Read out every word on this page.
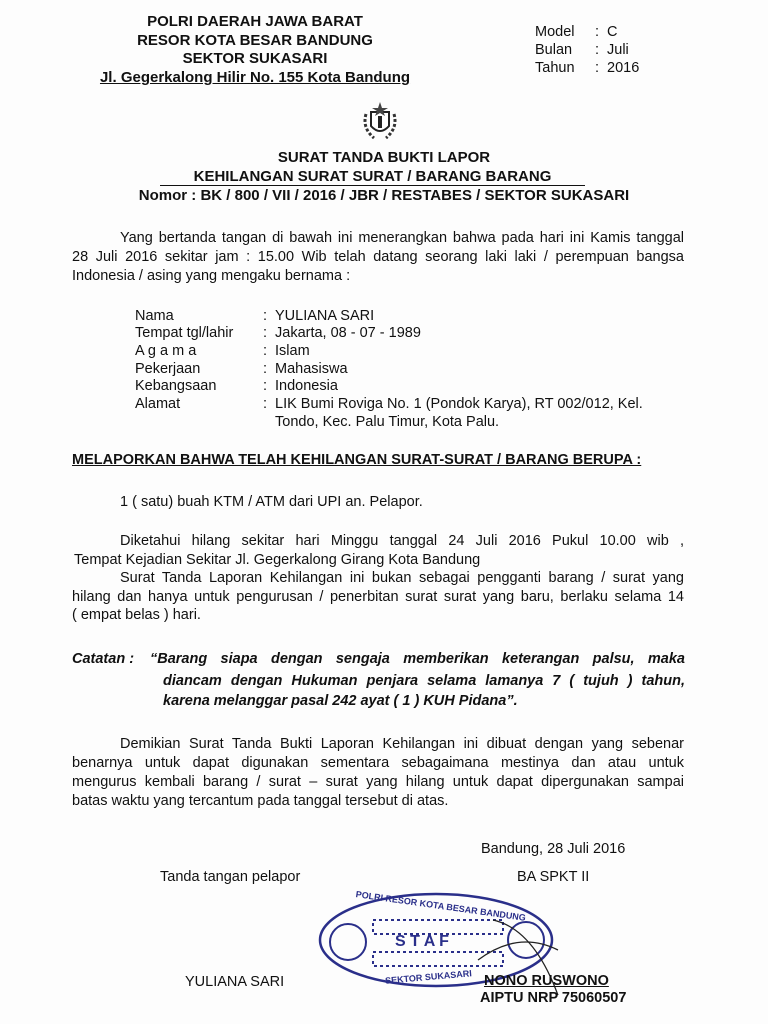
POLRI DAERAH JAWA BARAT
RESOR KOTA BESAR BANDUNG
SEKTOR SUKASARI
Jl. Gegerkalong Hilir No. 155 Kota Bandung
Model : C
Bulan : Juli
Tahun : 2016
SURAT TANDA BUKTI LAPOR
KEHILANGAN SURAT SURAT / BARANG BARANG
Nomor : BK / 800 / VII / 2016 / JBR / RESTABES / SEKTOR SUKASARI
Yang bertanda tangan di bawah ini menerangkan bahwa pada hari ini Kamis tanggal
28 Juli 2016 sekitar jam : 15.00 Wib telah datang seorang laki laki / perempuan bangsa
Indonesia / asing yang mengaku bernama :
Nama	: YULIANA SARI
Tempat tgl/lahir : Jakarta, 08 - 07 - 1989
A g a m a	: Islam
Pekerjaan	: Mahasiswa
Kebangsaan	: Indonesia
Alamat	: LIK Bumi Roviga No. 1 (Pondok Karya), RT 002/012, Kel.
Tondo, Kec. Palu Timur, Kota Palu.
MELAPORKAN BAHWA TELAH KEHILANGAN SURAT-SURAT / BARANG BERUPA :
1 ( satu) buah KTM / ATM dari UPI an. Pelapor.
Diketahui hilang sekitar hari Minggu tanggal 24 Juli 2016 Pukul 10.00 wib ,
Tempat Kejadian Sekitar Jl. Gegerkalong Girang Kota Bandung
Surat Tanda Laporan Kehilangan ini bukan sebagai pengganti barang / surat yang
hilang dan hanya untuk pengurusan / penerbitan surat surat yang baru, berlaku selama 14
( empat belas ) hari.
Catatan : “Barang siapa dengan sengaja memberikan keterangan palsu, maka
diancam dengan Hukuman penjara selama lamanya 7 ( tujuh ) tahun,
karena melanggar pasal 242 ayat ( 1 ) KUH Pidana”.
Demikian Surat Tanda Bukti Laporan Kehilangan ini dibuat dengan yang sebenar
benarnya untuk dapat digunakan sementara sebagaimana mestinya dan atau untuk
mengurus kembali barang / surat – surat yang hilang untuk dapat dipergunakan sampai
batas waktu yang tercantum pada tanggal tersebut di atas.
Bandung, 28 Juli 2016
Tanda tangan pelapor	BA SPKT II
POLRI RESOR KOTA BESAR BANDUNG
S T A F
SEKTOR SUKASARI
YULIANA SARI	NONO RUSWONO
AIPTU NRP 75060507
